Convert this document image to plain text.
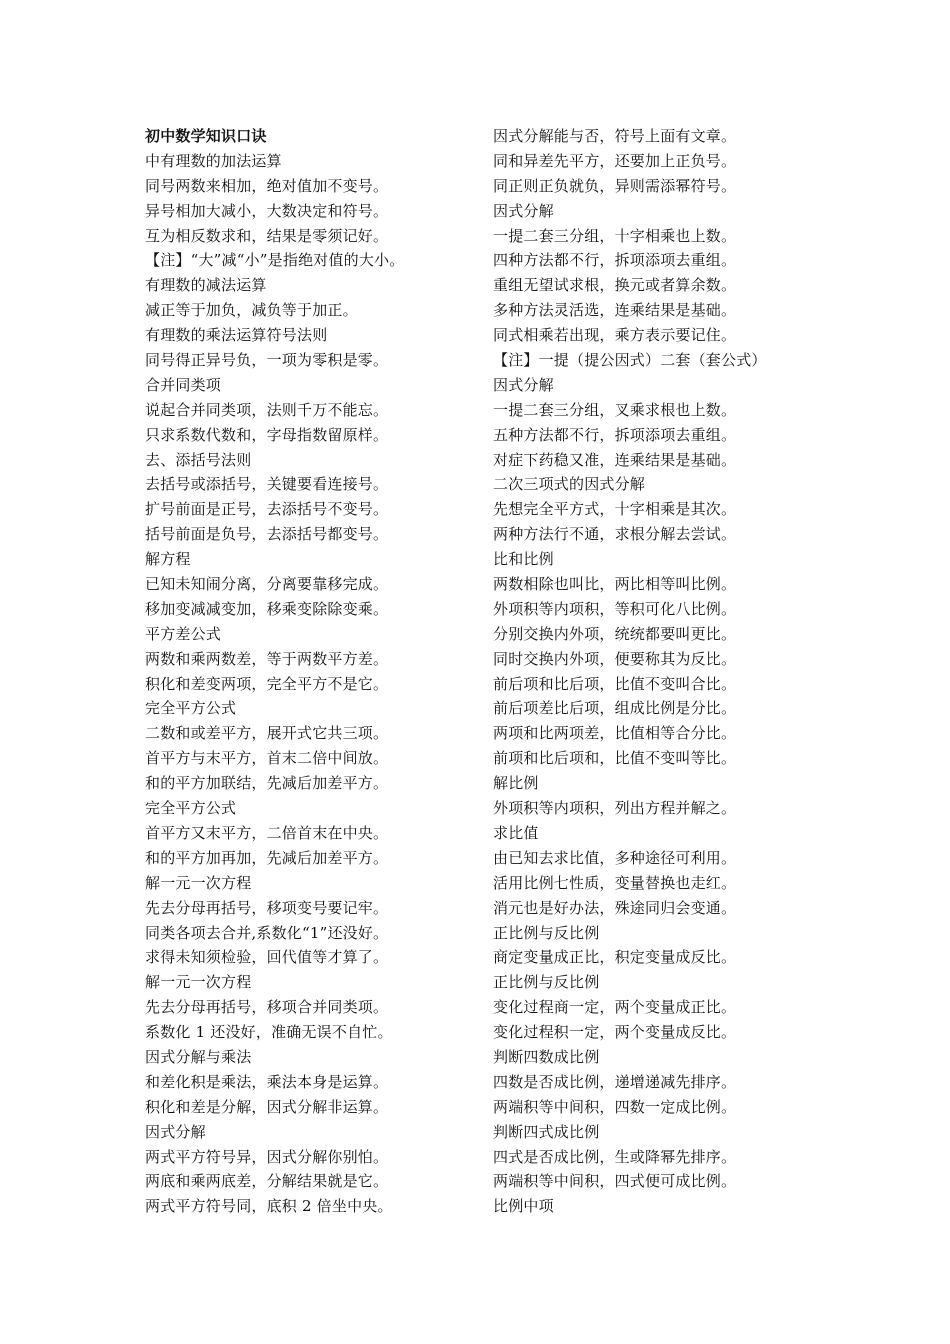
初中数学知识口诀
中有理数的加法运算
同号两数来相加，绝对值加不变号。
异号相加大减小，大数决定和符号。
互为相反数求和，结果是零须记好。
【注】“大”减“小”是指绝对值的大小。
有理数的减法运算
减正等于加负，减负等于加正。
有理数的乘法运算符号法则
同号得正异号负，一项为零积是零。
合并同类项
说起合并同类项，法则千万不能忘。
只求系数代数和，字母指数留原样。
去、添括号法则
去括号或添括号，关键要看连接号。
扩号前面是正号，去添括号不变号。
括号前面是负号，去添括号都变号。
解方程
已知未知闹分离，分离要靠移完成。
移加变减减变加，移乘变除除变乘。
平方差公式
两数和乘两数差，等于两数平方差。
积化和差变两项，完全平方不是它。
完全平方公式
二数和或差平方，展开式它共三项。
首平方与末平方，首末二倍中间放。
和的平方加联结，先减后加差平方。
完全平方公式
首平方又末平方，二倍首末在中央。
和的平方加再加，先减后加差平方。
解一元一次方程
先去分母再括号，移项变号要记牢。
同类各项去合并,系数化“1”还没好。
求得未知须检验，回代值等才算了。
解一元一次方程
先去分母再括号，移项合并同类项。
系数化 1 还没好，准确无误不自忙。
因式分解与乘法
和差化积是乘法，乘法本身是运算。
积化和差是分解，因式分解非运算。
因式分解
两式平方符号异，因式分解你别怕。
两底和乘两底差，分解结果就是它。
两式平方符号同，底积 2 倍坐中央。
因式分解能与否，符号上面有文章。
同和异差先平方，还要加上正负号。
同正则正负就负，异则需添幂符号。
因式分解
一提二套三分组，十字相乘也上数。
四种方法都不行，拆项添项去重组。
重组无望试求根，换元或者算余数。
多种方法灵活选，连乘结果是基础。
同式相乘若出现，乘方表示要记住。
【注】一提（提公因式）二套（套公式）
因式分解
一提二套三分组，叉乘求根也上数。
五种方法都不行，拆项添项去重组。
对症下药稳又准，连乘结果是基础。
二次三项式的因式分解
先想完全平方式，十字相乘是其次。
两种方法行不通，求根分解去尝试。
比和比例
两数相除也叫比，两比相等叫比例。
外项积等内项积，等积可化八比例。
分别交换内外项，统统都要叫更比。
同时交换内外项，便要称其为反比。
前后项和比后项，比值不变叫合比。
前后项差比后项，组成比例是分比。
两项和比两项差，比值相等合分比。
前项和比后项和，比值不变叫等比。
解比例
外项积等内项积，列出方程并解之。
求比值
由已知去求比值，多种途径可利用。
活用比例七性质，变量替换也走红。
消元也是好办法，殊途同归会变通。
正比例与反比例
商定变量成正比，积定变量成反比。
正比例与反比例
变化过程商一定，两个变量成正比。
变化过程积一定，两个变量成反比。
判断四数成比例
四数是否成比例，递增递减先排序。
两端积等中间积，四数一定成比例。
判断四式成比例
四式是否成比例，生或降幂先排序。
两端积等中间积，四式便可成比例。
比例中项
